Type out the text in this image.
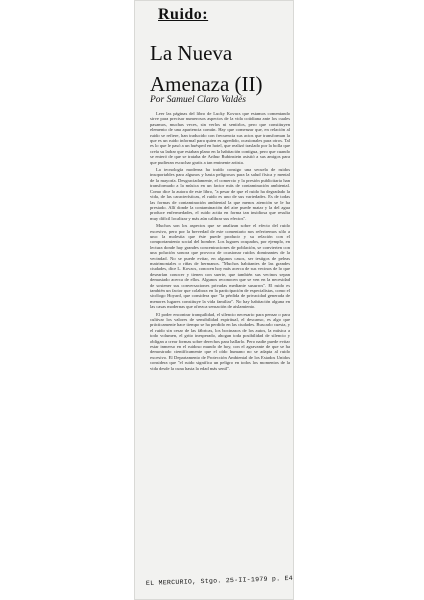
Ruido:
La Nueva Amenaza (II)
Por Samuel Claro Valdés

Leer las páginas del libro de Lucky Kovacs que estamos comentando sirve para precisar numerosos aspectos de la vida cotidiana ante los cuales pasamos, muchas veces, sin verlos ni sentirlos, pero que constituyen elemento de una apariencia común. Hay que comenzar que, en relación al ruido se refiere, han traducido con frecuencia sus actos que transforman la que es un ruido informal para quien es agredido, ocasionales para otros. Tal es lo que le pasó a un huésped en hotel, que realizó traslado por la bolla que creía su ladrar que estaban plano en la habitación contigua, pero que cuando se enteró de que se trataba de Arthur Rubinstein asistió a sus amigos para que pudieran escuchar gratis a tan eminente artista.

La tecnología moderna ha traído consigo una secuela de ruidos insoportables para algunos y hasta peligrosos para la salud física y mental de la mayoría. Desgraciadamente, el comercio y la presión publicitaria han transformado a la música en un factor más de contaminación ambiental. Como dice la autora de este libro, "a pesar de que el ruido ha degradado la vida, de las características, el ruido es uno de sus variedades. Es de todas las formas de contaminación ambiental la que menos atención se le ha prestado. Allí donde la contaminación del aire puede matar y la del agua produce enfermedades, el ruido actúa en forma tan insidiosa que resulta muy difícil localizar y más aún calibrar sus efectos".

Muchos son los aspectos que se analizan sobre el efecto del ruido excesivo, pero por la brevedad de este comentario nos referiremos sólo a uno: la molestia que éste puede producir y su relación con el comportamiento social del hombre. Los lugares ocupados, por ejemplo, en lectura donde hay grandes concentraciones de población, se convierten con una polución sonora que provoca de ocasionar ruidos dominantes de la vecindad. No se puede evitar, en algunos casos, ser testigos de peleas matrimoniales o riñas de hermanos. "Muchos habitantes de las grandes ciudades, dice L. Kovacs, conocen hoy más acerca de sus vecinos de lo que desearían conocer y tienen con suerte, que también sus vecinos sepan demasiado acerca de ellos. Algunos reconocen que se ven en la necesidad de sostener sus conversaciones privadas mediante susurros". El ruido es también un factor que colabora en la participación de especialistas, como el sicólogo Hoyard, que considera que "la pérdida de privacidad generada de menores lugares constituye la vida familiar". No hay habitación alguna en las casas modernas que ofrezca sensación de aislamiento.

El poder encontrar tranquilidad, el silencio necesario para pensar o para cultivar los valores de sensibilidad espiritual, el descanso, es algo que prácticamente hace tiempo se ha perdido en las ciudades. Buscarlo cuesta, y el ruido sin cesar de las fábricas, los bocinazos de los autos, la música a todo volumen, el grito inesperado, ahogan toda posibilidad de silencio y obligan a crear formas sobre derechos para hallarlo. Pero nadie puede evitar estar inmerso en el ruidoso mundo de hoy, con el agravante de que se ha demostrado científicamente que el oído humano no se adapta al ruido excesivo. El Departamento de Protección Ambiental de los Estados Unidos considera que "el ruido significa un peligro en todos los momentos de la vida desde la cuna hasta la edad más senil".

EL MERCURIO, Stgo. 25-II-1979 p. E4
